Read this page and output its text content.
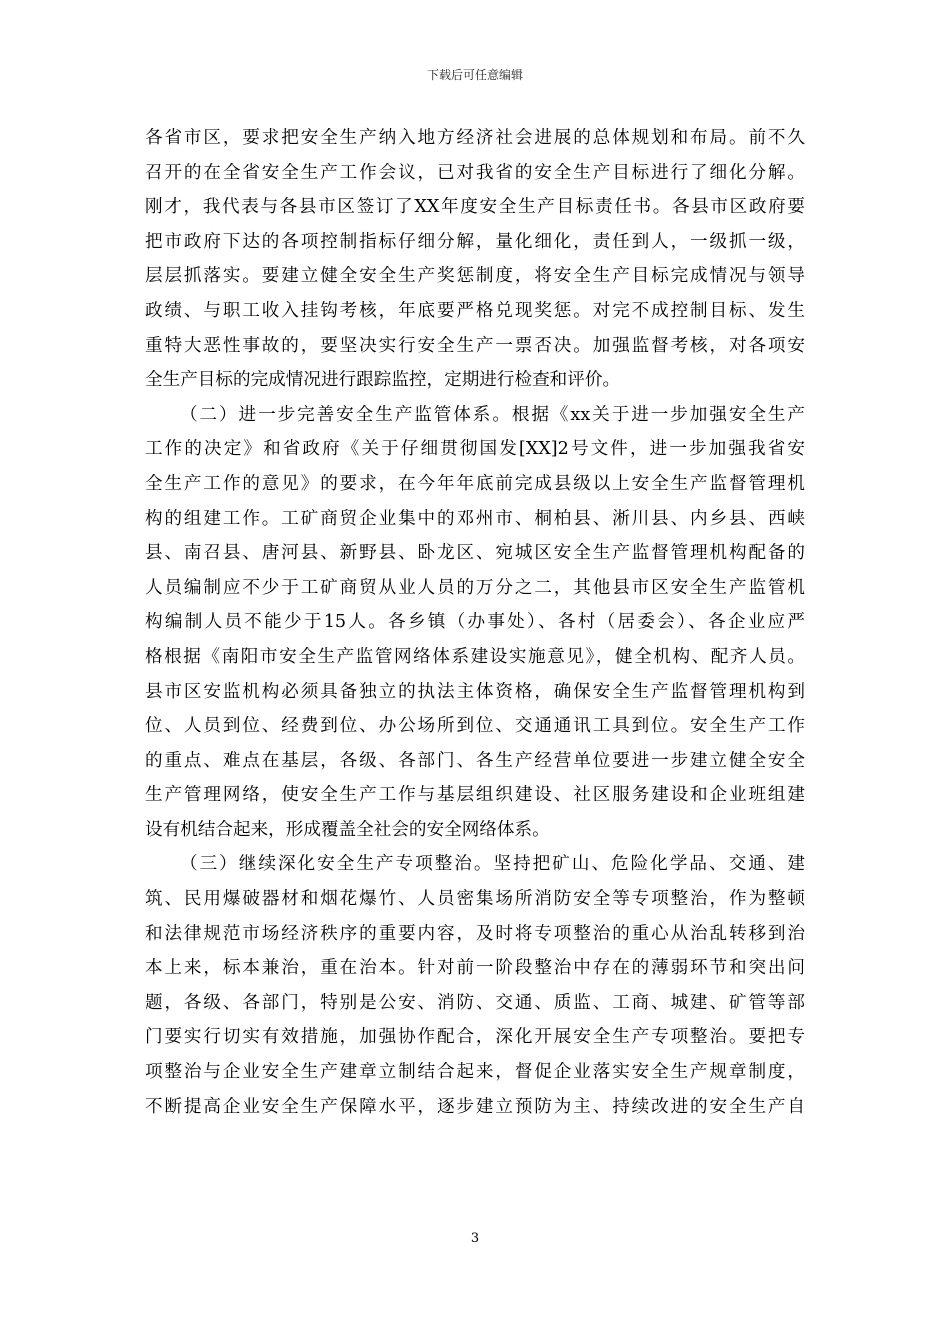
下载后可任意编辑
各省市区，要求把安全生产纳入地方经济社会进展的总体规划和布局。前不久
召开的在全省安全生产工作会议，已对我省的安全生产目标进行了细化分解。
刚才，我代表与各县市区签订了XX年度安全生产目标责任书。各县市区政府要
把市政府下达的各项控制指标仔细分解，量化细化，责任到人，一级抓一级，
层层抓落实。要建立健全安全生产奖惩制度，将安全生产目标完成情况与领导
政绩、与职工收入挂钩考核，年底要严格兑现奖惩。对完不成控制目标、发生
重特大恶性事故的，要坚决实行安全生产一票否决。加强监督考核，对各项安
全生产目标的完成情况进行跟踪监控，定期进行检查和评价。
（二）进一步完善安全生产监管体系。根据《xx关于进一步加强安全生产
工作的决定》和省政府《关于仔细贯彻国发[XX]2号文件，进一步加强我省安
全生产工作的意见》的要求，在今年年底前完成县级以上安全生产监督管理机
构的组建工作。工矿商贸企业集中的邓州市、桐柏县、淅川县、内乡县、西峡
县、南召县、唐河县、新野县、卧龙区、宛城区安全生产监督管理机构配备的
人员编制应不少于工矿商贸从业人员的万分之二，其他县市区安全生产监管机
构编制人员不能少于15人。各乡镇（办事处）、各村（居委会）、各企业应严
格根据《南阳市安全生产监管网络体系建设实施意见》，健全机构、配齐人员。
县市区安监机构必须具备独立的执法主体资格，确保安全生产监督管理机构到
位、人员到位、经费到位、办公场所到位、交通通讯工具到位。安全生产工作
的重点、难点在基层，各级、各部门、各生产经营单位要进一步建立健全安全
生产管理网络，使安全生产工作与基层组织建设、社区服务建设和企业班组建
设有机结合起来，形成覆盖全社会的安全网络体系。
（三）继续深化安全生产专项整治。坚持把矿山、危险化学品、交通、建
筑、民用爆破器材和烟花爆竹、人员密集场所消防安全等专项整治，作为整顿
和法律规范市场经济秩序的重要内容，及时将专项整治的重心从治乱转移到治
本上来，标本兼治，重在治本。针对前一阶段整治中存在的薄弱环节和突出问
题，各级、各部门，特别是公安、消防、交通、质监、工商、城建、矿管等部
门要实行切实有效措施，加强协作配合，深化开展安全生产专项整治。要把专
项整治与企业安全生产建章立制结合起来，督促企业落实安全生产规章制度，
不断提高企业安全生产保障水平，逐步建立预防为主、持续改进的安全生产自
3
